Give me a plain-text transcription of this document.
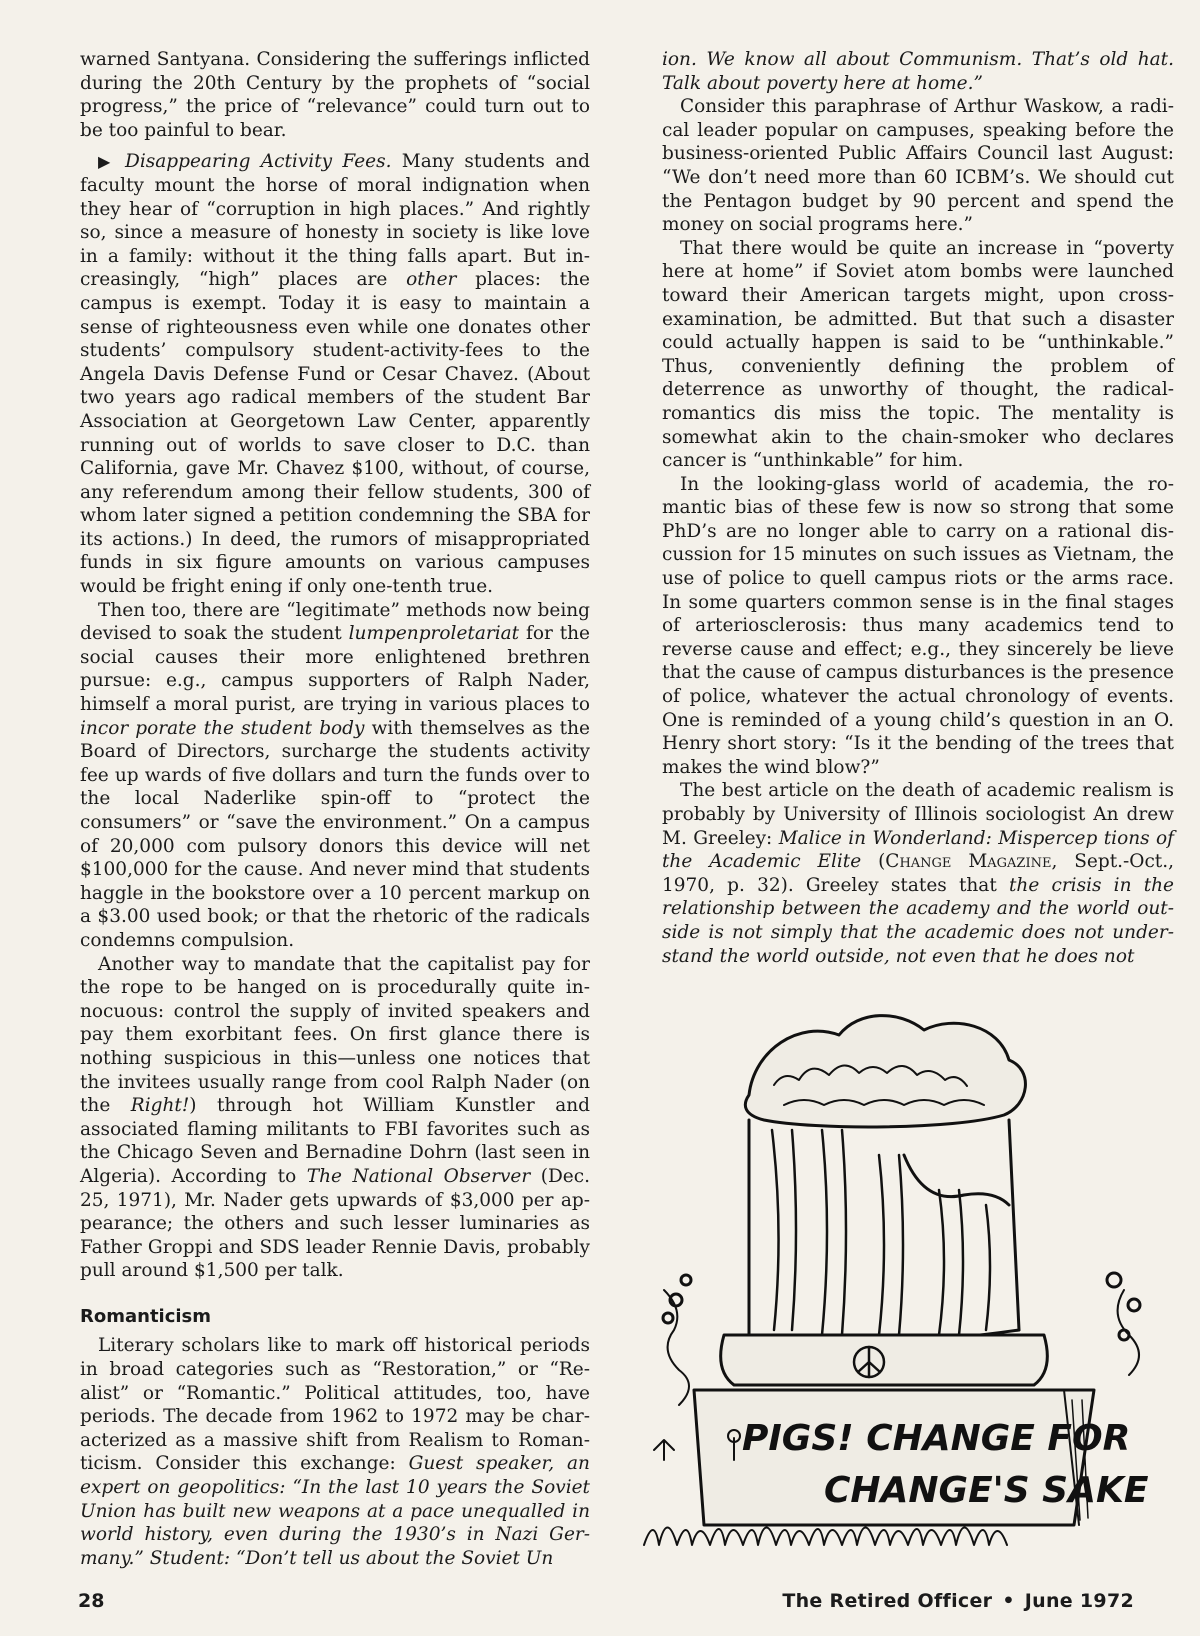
warned Santyana. Considering the sufferings inflicted during the 20th Century by the prophets of “social progress,” the price of “relevance” could turn out to be too painful to bear.

▶ Disappearing Activity Fees. Many students and faculty mount the horse of moral indignation when they hear of “corruption in high places.” And rightly so, since a measure of honesty in society is like love in a family: without it the thing falls apart. But in creasingly, “high” places are other places: the campus is exempt. Today it is easy to maintain a sense of righteousness even while one donates other students’ compulsory student-activity-fees to the Angela Davis Defense Fund or Cesar Chavez. (About two years ago radical members of the student Bar Association at Georgetown Law Center, apparently running out of worlds to save closer to D.C. than California, gave Mr. Chavez $100, without, of course, any referendum among their fellow students, 300 of whom later signed a petition condemning the SBA for its actions.) In deed, the rumors of misappropriated funds in six figure amounts on various campuses would be fright ening if only one-tenth true.

Then too, there are “legitimate” methods now being devised to soak the student lumpenproletariat for the social causes their more enlightened brethren pursue: e.g., campus supporters of Ralph Nader, himself a moral purist, are trying in various places to incor porate the student body with themselves as the Board of Directors, surcharge the students activity fee up wards of five dollars and turn the funds over to the local Naderlike spin-off to “protect the consumers” or “save the environment.” On a campus of 20,000 com pulsory donors this device will net $100,000 for the cause. And never mind that students haggle in the bookstore over a 10 percent markup on a $3.00 used book; or that the rhetoric of the radicals condemns compulsion.

Another way to mandate that the capitalist pay for the rope to be hanged on is procedurally quite in nocuous: control the supply of invited speakers and pay them exorbitant fees. On first glance there is nothing suspicious in this—unless one notices that the invitees usually range from cool Ralph Nader (on the Right!) through hot William Kunstler and associated flaming militants to FBI favorites such as the Chicago Seven and Bernadine Dohrn (last seen in Algeria). According to The National Observer (Dec. 25, 1971), Mr. Nader gets upwards of $3,000 per ap pearance; the others and such lesser luminaries as Father Groppi and SDS leader Rennie Davis, probably pull around $1,500 per talk.

Romanticism

Literary scholars like to mark off historical periods in broad categories such as “Restoration,” or “Re alist” or “Romantic.” Political attitudes, too, have periods. The decade from 1962 to 1972 may be char acterized as a massive shift from Realism to Roman ticism. Consider this exchange: Guest speaker, an expert on geopolitics: “In the last 10 years the Soviet Union has built new weapons at a pace unequalled in world history, even during the 1930’s in Nazi Ger many.” Student: “Don’t tell us about the Soviet Un

ion. We know all about Communism. That’s old hat. Talk about poverty here at home.”

Consider this paraphrase of Arthur Waskow, a radi cal leader popular on campuses, speaking before the business-oriented Public Affairs Council last August: “We don’t need more than 60 ICBM’s. We should cut the Pentagon budget by 90 percent and spend the money on social programs here.”

That there would be quite an increase in “poverty here at home” if Soviet atom bombs were launched toward their American targets might, upon cross examination, be admitted. But that such a disaster could actually happen is said to be “unthinkable.” Thus, conveniently defining the problem of deterrence as unworthy of thought, the radical-romantics dis miss the topic. The mentality is somewhat akin to the chain-smoker who declares cancer is “unthinkable” for him.

In the looking-glass world of academia, the ro mantic bias of these few is now so strong that some PhD’s are no longer able to carry on a rational dis cussion for 15 minutes on such issues as Vietnam, the use of police to quell campus riots or the arms race. In some quarters common sense is in the final stages of arteriosclerosis: thus many academics tend to reverse cause and effect; e.g., they sincerely be lieve that the cause of campus disturbances is the presence of police, whatever the actual chronology of events. One is reminded of a young child’s question in an O. Henry short story: “Is it the bending of the trees that makes the wind blow?”

The best article on the death of academic realism is probably by University of Illinois sociologist An drew M. Greeley: Malice in Wonderland: Mispercep tions of the Academic Elite (Change Magazine, Sept.-Oct., 1970, p. 32). Greeley states that the crisis in the relationship between the academy and the world out side is not simply that the academic does not under stand the world outside, not even that he does not

PIGS! CHANGE FOR
CHANGE'S SAKE
28	The Retired Officer • June 1972
